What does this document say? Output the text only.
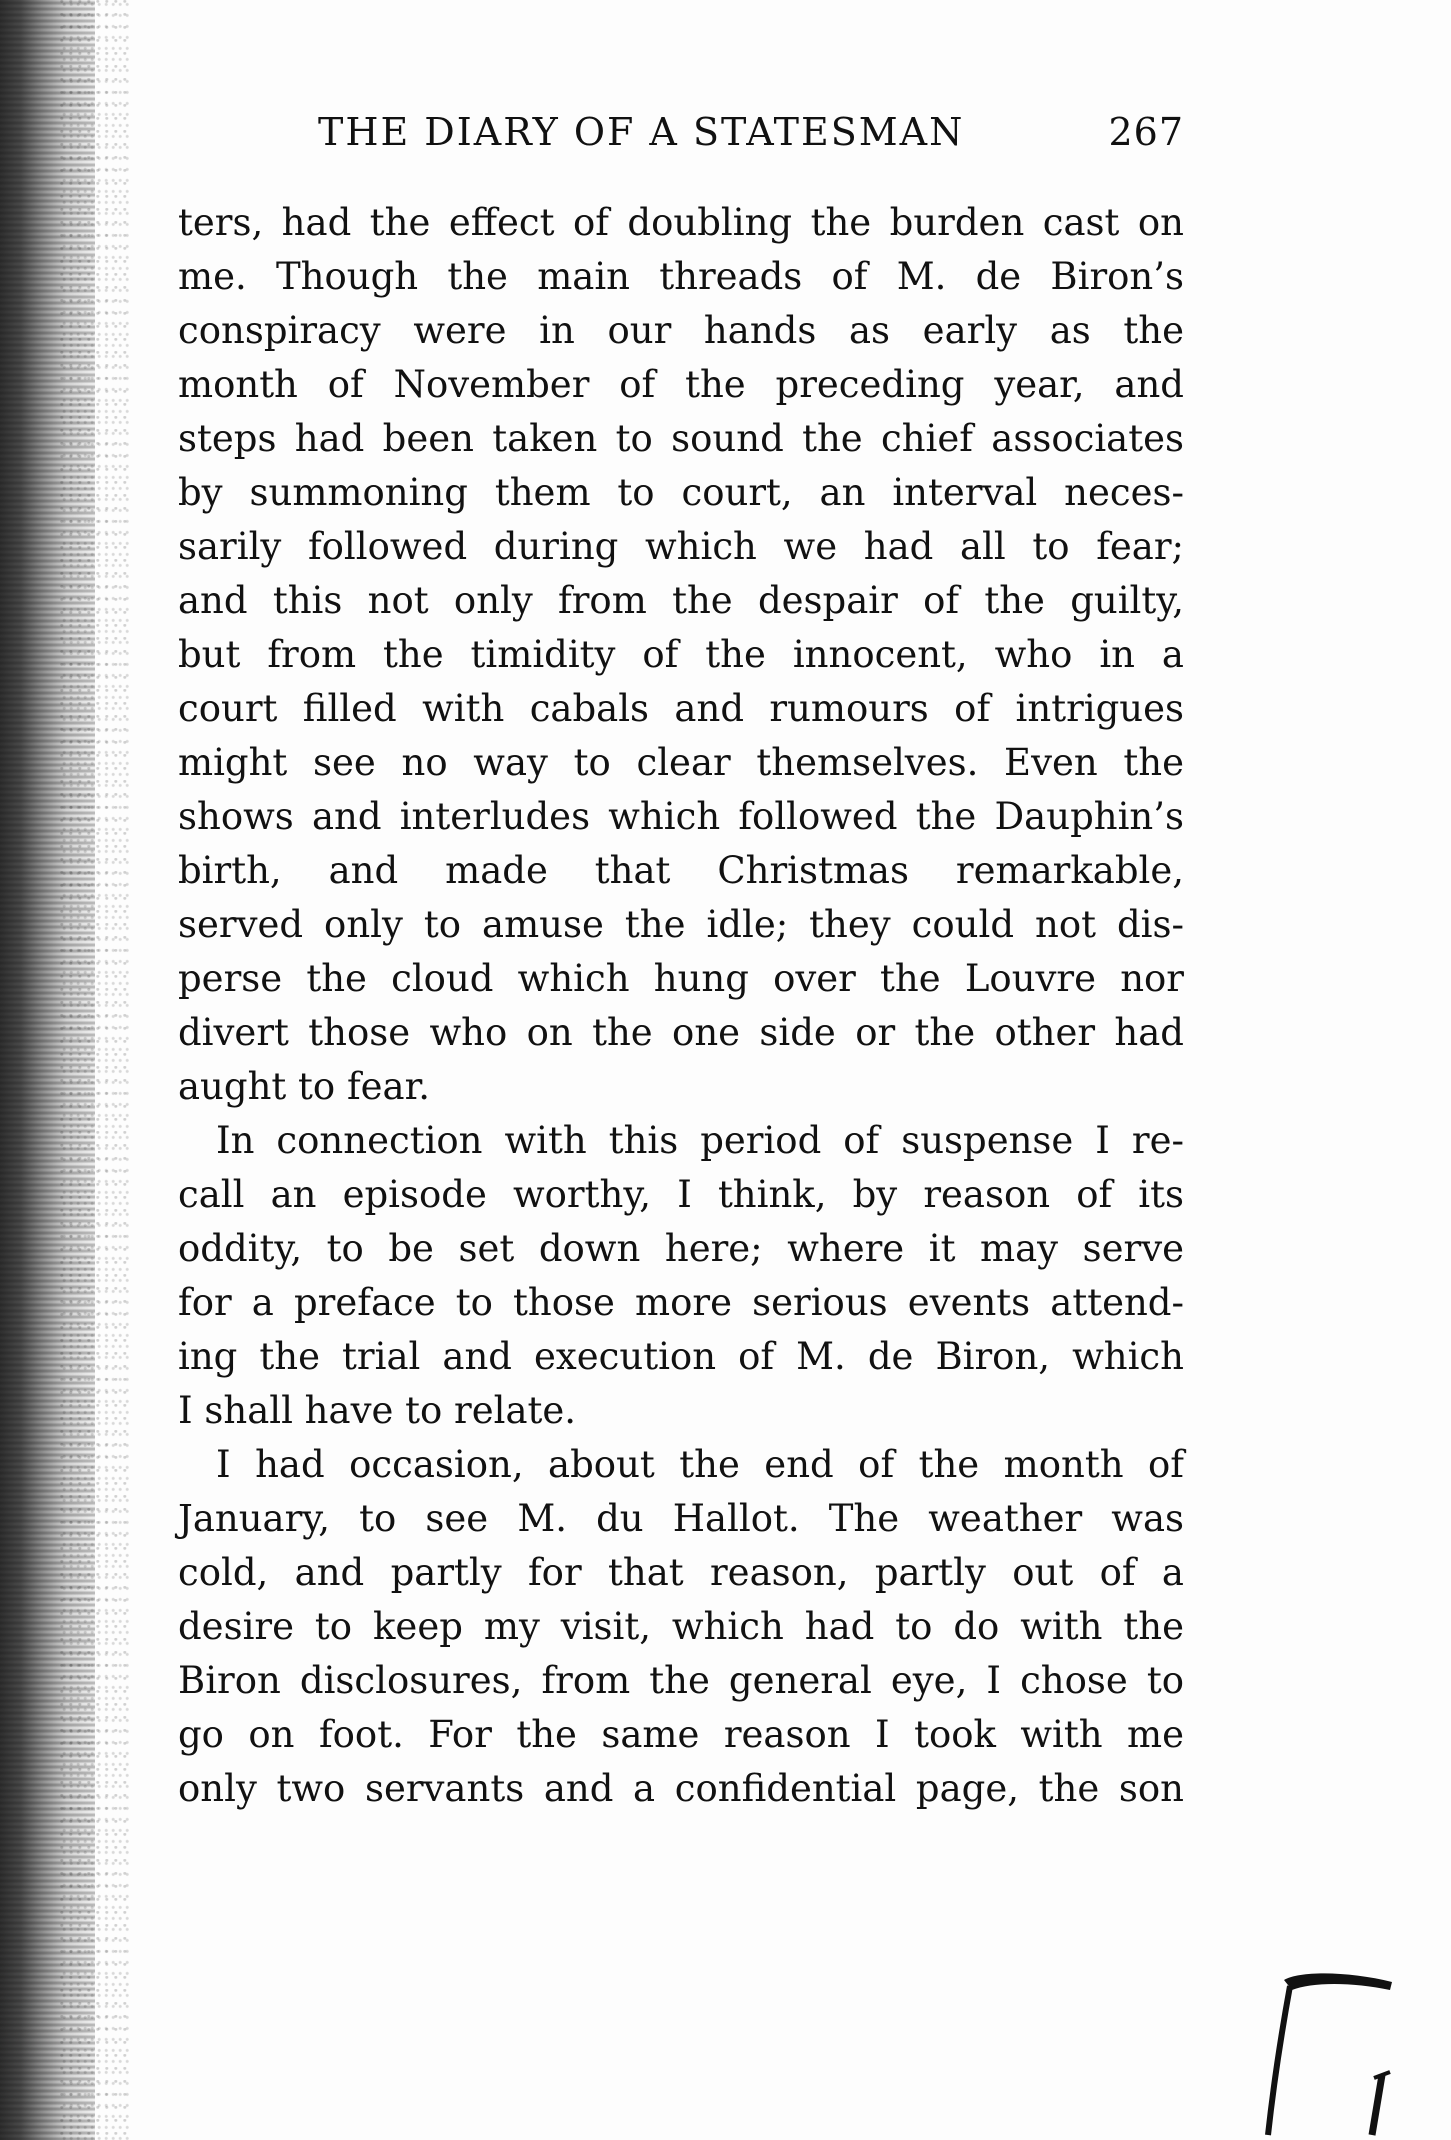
THE DIARY OF A STATESMAN	267
ters, had the effect of doubling the burden cast on
me. Though the main threads of M. de Biron’s
conspiracy were in our hands as early as the
month of November of the preceding year, and
steps had been taken to sound the chief associates
by summoning them to court, an interval neces-
sarily followed during which we had all to fear;
and this not only from the despair of the guilty,
but from the timidity of the innocent, who in a
court filled with cabals and rumours of intrigues
might see no way to clear themselves. Even the
shows and interludes which followed the Dauphin’s
birth, and made that Christmas remarkable,
served only to amuse the idle; they could not dis-
perse the cloud which hung over the Louvre nor
divert those who on the one side or the other had
aught to fear.
In connection with this period of suspense I re-
call an episode worthy, I think, by reason of its
oddity, to be set down here; where it may serve
for a preface to those more serious events attend-
ing the trial and execution of M. de Biron, which
I shall have to relate.
I had occasion, about the end of the month of
January, to see M. du Hallot. The weather was
cold, and partly for that reason, partly out of a
desire to keep my visit, which had to do with the
Biron disclosures, from the general eye, I chose to
go on foot. For the same reason I took with me
only two servants and a confidential page, the son
